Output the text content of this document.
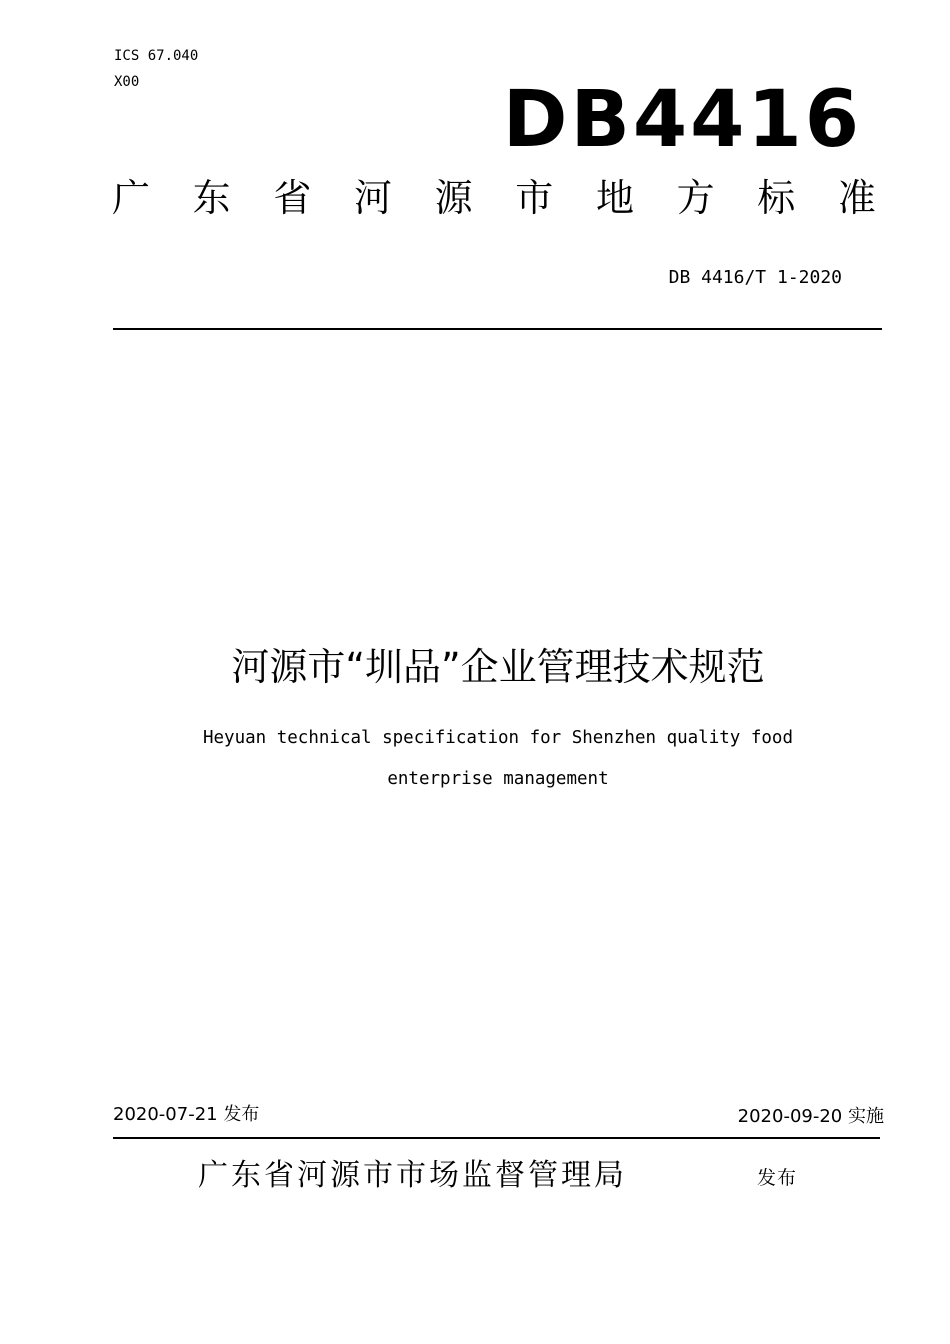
ICS 67.040
X00	DB4416
广 东 省 河 源 市 地 方 标 准
DB 4416/T 1-2020
河源市“圳品”企业管理技术规范
Heyuan technical specification for Shenzhen quality food
enterprise management
2020-07-21 发布	2020-09-20 实施
广东省河源市市场监督管理局	发布
